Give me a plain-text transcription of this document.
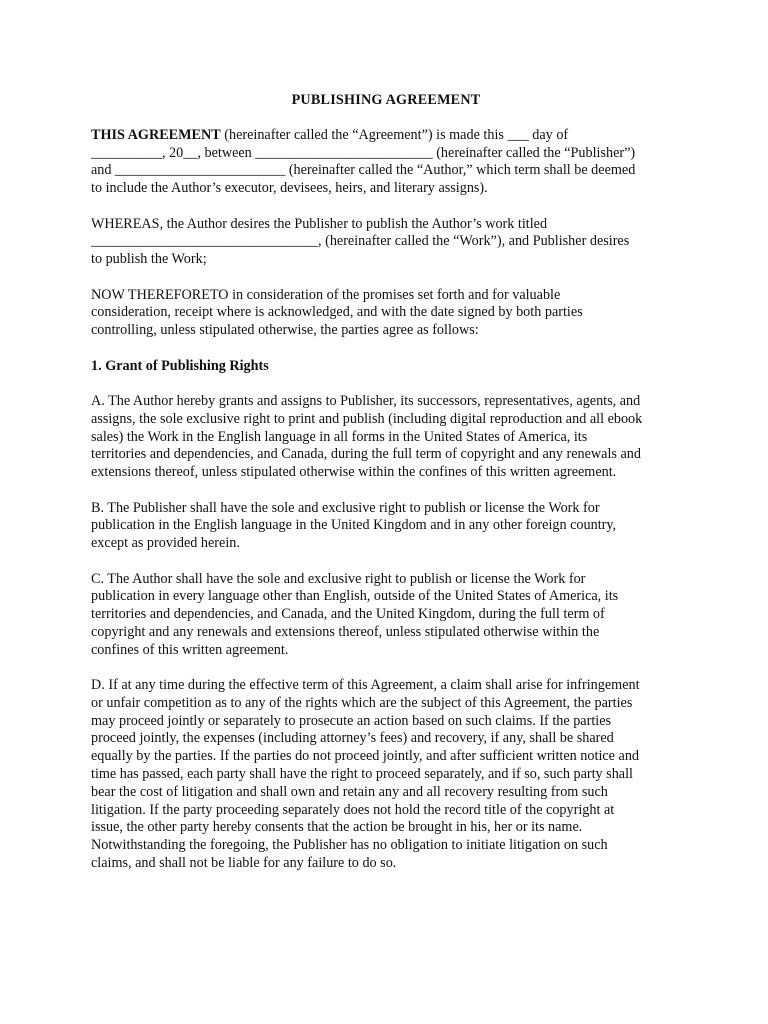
PUBLISHING AGREEMENT

THIS AGREEMENT (hereinafter called the “Agreement”) is made this ___ day of
__________, 20__, between _________________________ (hereinafter called the “Publisher”)
and ________________________ (hereinafter called the “Author,” which term shall be deemed
to include the Author’s executor, devisees, heirs, and literary assigns).

WHEREAS, the Author desires the Publisher to publish the Author’s work titled
________________________________, (hereinafter called the “Work”), and Publisher desires
to publish the Work;

NOW THEREFORETO in consideration of the promises set forth and for valuable
consideration, receipt where is acknowledged, and with the date signed by both parties
controlling, unless stipulated otherwise, the parties agree as follows:

1. Grant of Publishing Rights

A. The Author hereby grants and assigns to Publisher, its successors, representatives, agents, and
assigns, the sole exclusive right to print and publish (including digital reproduction and all ebook
sales) the Work in the English language in all forms in the United States of America, its
territories and dependencies, and Canada, during the full term of copyright and any renewals and
extensions thereof, unless stipulated otherwise within the confines of this written agreement.

B. The Publisher shall have the sole and exclusive right to publish or license the Work for
publication in the English language in the United Kingdom and in any other foreign country,
except as provided herein.

C. The Author shall have the sole and exclusive right to publish or license the Work for
publication in every language other than English, outside of the United States of America, its
territories and dependencies, and Canada, and the United Kingdom, during the full term of
copyright and any renewals and extensions thereof, unless stipulated otherwise within the
confines of this written agreement.

D. If at any time during the effective term of this Agreement, a claim shall arise for infringement
or unfair competition as to any of the rights which are the subject of this Agreement, the parties
may proceed jointly or separately to prosecute an action based on such claims. If the parties
proceed jointly, the expenses (including attorney’s fees) and recovery, if any, shall be shared
equally by the parties. If the parties do not proceed jointly, and after sufficient written notice and
time has passed, each party shall have the right to proceed separately, and if so, such party shall
bear the cost of litigation and shall own and retain any and all recovery resulting from such
litigation. If the party proceeding separately does not hold the record title of the copyright at
issue, the other party hereby consents that the action be brought in his, her or its name.
Notwithstanding the foregoing, the Publisher has no obligation to initiate litigation on such
claims, and shall not be liable for any failure to do so.
